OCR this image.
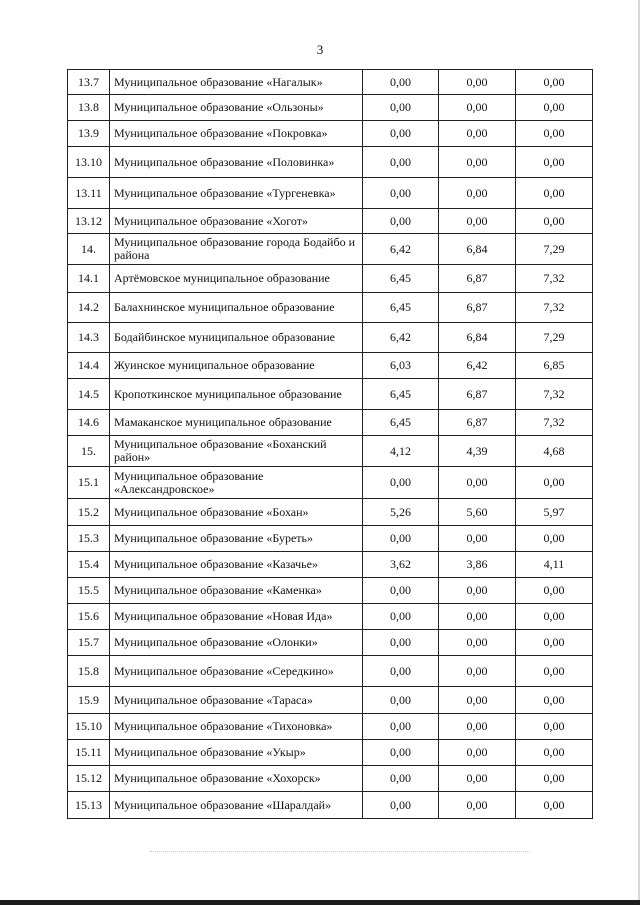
3
13.7	Муниципальное образование «Нагалык»	0,00	0,00	0,00
13.8	Муниципальное образование «Ользоны»	0,00	0,00	0,00
13.9	Муниципальное образование «Покровка»	0,00	0,00	0,00
13.10	Муниципальное образование «Половинка»	0,00	0,00	0,00
13.11	Муниципальное образование «Тургеневка»	0,00	0,00	0,00
13.12	Муниципальное образование «Хогот»	0,00	0,00	0,00
14.	Муниципальное образование города Бодайбо и района	6,42	6,84	7,29
14.1	Артёмовское муниципальное образование	6,45	6,87	7,32
14.2	Балахнинское муниципальное образование	6,45	6,87	7,32
14.3	Бодайбинское муниципальное образование	6,42	6,84	7,29
14.4	Жуинское муниципальное образование	6,03	6,42	6,85
14.5	Кропоткинское муниципальное образование	6,45	6,87	7,32
14.6	Мамаканское муниципальное образование	6,45	6,87	7,32
15.	Муниципальное образование «Боханский район»	4,12	4,39	4,68
15.1	Муниципальное образование «Александровское»	0,00	0,00	0,00
15.2	Муниципальное образование «Бохан»	5,26	5,60	5,97
15.3	Муниципальное образование «Буреть»	0,00	0,00	0,00
15.4	Муниципальное образование «Казачье»	3,62	3,86	4,11
15.5	Муниципальное образование «Каменка»	0,00	0,00	0,00
15.6	Муниципальное образование «Новая Ида»	0,00	0,00	0,00
15.7	Муниципальное образование «Олонки»	0,00	0,00	0,00
15.8	Муниципальное образование «Середкино»	0,00	0,00	0,00
15.9	Муниципальное образование «Тараса»	0,00	0,00	0,00
15.10	Муниципальное образование «Тихоновка»	0,00	0,00	0,00
15.11	Муниципальное образование «Укыр»	0,00	0,00	0,00
15.12	Муниципальное образование «Хохорск»	0,00	0,00	0,00
15.13	Муниципальное образование «Шаралдай»	0,00	0,00	0,00
